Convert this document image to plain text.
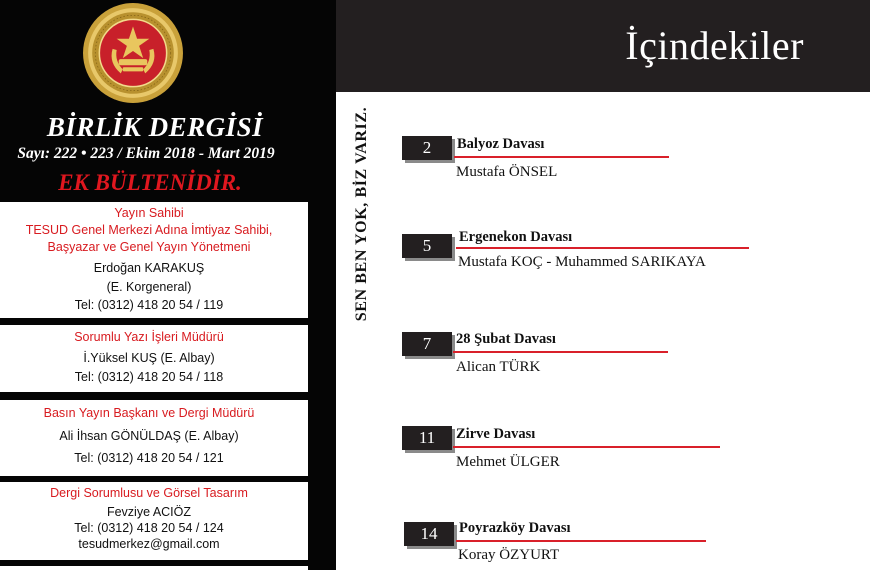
BİRLİK DERGİSİ
Sayı: 222 • 223 / Ekim 2018 - Mart 2019
EK BÜLTENİDİR.
Yayın Sahibi
TESUD Genel Merkezi Adına İmtiyaz Sahibi,
Başyazar ve Genel Yayın Yönetmeni
Erdoğan KARAKUŞ
(E. Korgeneral)
Tel: (0312) 418 20 54 / 119
Sorumlu Yazı İşleri Müdürü
İ.Yüksel KUŞ (E. Albay)
Tel: (0312) 418 20 54 / 118
Basın Yayın Başkanı ve Dergi Müdürü
Ali İhsan GÖNÜLDAŞ (E. Albay)
Tel: (0312) 418 20 54 / 121
Dergi Sorumlusu ve Görsel Tasarım
Fevziye ACIÖZ
Tel: (0312) 418 20 54 / 124
tesudmerkez@gmail.com
İçindekiler
SEN BEN YOK, BİZ VARIZ.	2	Balyoz Davası
Mustafa ÖNSEL
5	Ergenekon Davası
Mustafa KOÇ - Muhammed SARIKAYA
7	28 Şubat Davası
Alican TÜRK
11	Zirve Davası
Mehmet ÜLGER
14	Poyrazköy Davası
Koray ÖZYURT
